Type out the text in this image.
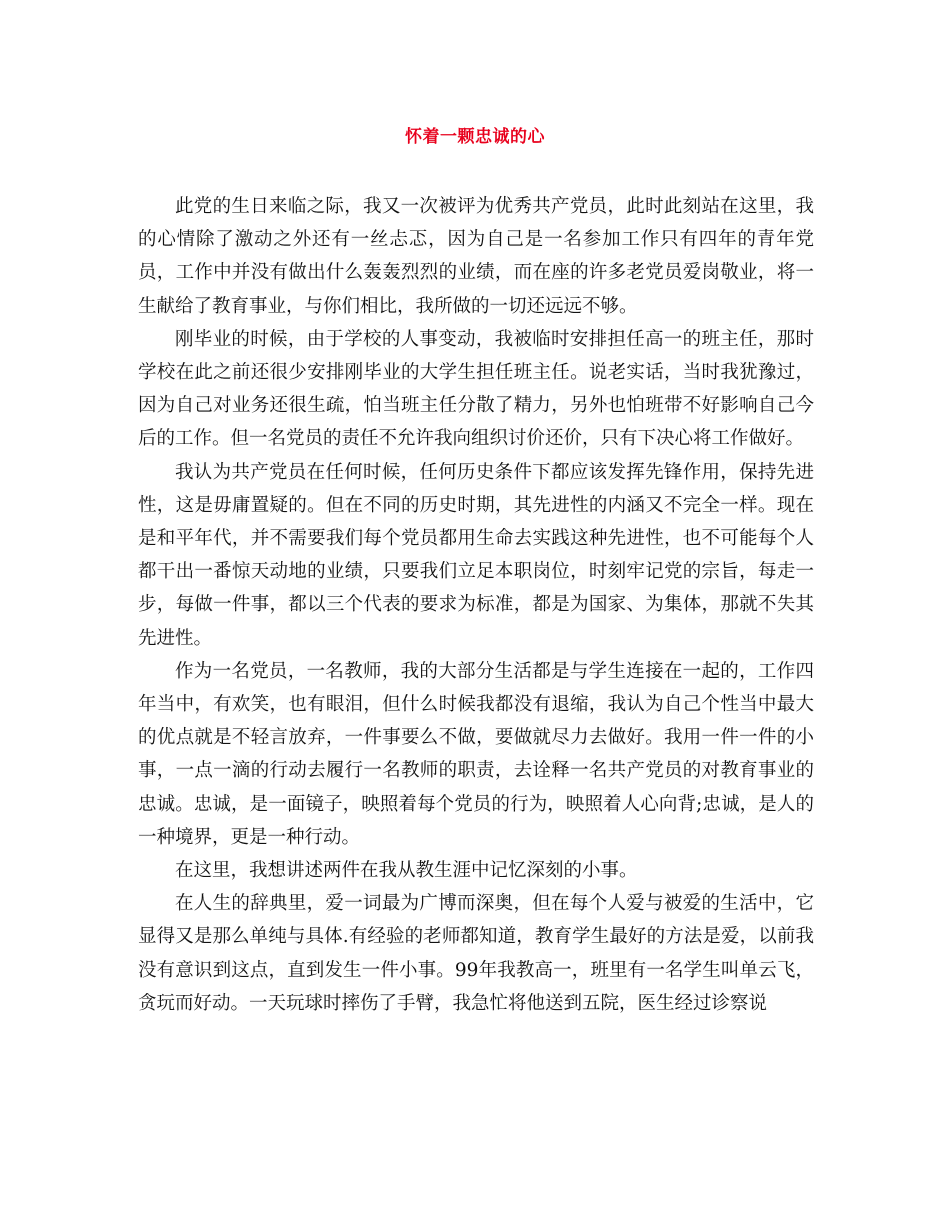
怀着一颗忠诚的心

此党的生日来临之际，我又一次被评为优秀共产党员，此时此刻站在这里，我的心情除了激动之外还有一丝忐忑，因为自己是一名参加工作只有四年的青年党员，工作中并没有做出什么轰轰烈烈的业绩，而在座的许多老党员爱岗敬业，将一生献给了教育事业，与你们相比，我所做的一切还远远不够。

刚毕业的时候，由于学校的人事变动，我被临时安排担任高一的班主任，那时学校在此之前还很少安排刚毕业的大学生担任班主任。说老实话，当时我犹豫过，因为自己对业务还很生疏，怕当班主任分散了精力，另外也怕班带不好影响自己今后的工作。但一名党员的责任不允许我向组织讨价还价，只有下决心将工作做好。

我认为共产党员在任何时候，任何历史条件下都应该发挥先锋作用，保持先进性，这是毋庸置疑的。但在不同的历史时期，其先进性的内涵又不完全一样。现在是和平年代，并不需要我们每个党员都用生命去实践这种先进性，也不可能每个人都干出一番惊天动地的业绩，只要我们立足本职岗位，时刻牢记党的宗旨，每走一步，每做一件事，都以三个代表的要求为标准，都是为国家、为集体，那就不失其先进性。

作为一名党员，一名教师，我的大部分生活都是与学生连接在一起的，工作四年当中，有欢笑，也有眼泪，但什么时候我都没有退缩，我认为自己个性当中最大的优点就是不轻言放弃，一件事要么不做，要做就尽力去做好。我用一件一件的小事，一点一滴的行动去履行一名教师的职责，去诠释一名共产党员的对教育事业的忠诚。忠诚，是一面镜子，映照着每个党员的行为，映照着人心向背;忠诚，是人的一种境界，更是一种行动。

在这里，我想讲述两件在我从教生涯中记忆深刻的小事。

在人生的辞典里，爱一词最为广博而深奥，但在每个人爱与被爱的生活中，它显得又是那么单纯与具体.有经验的老师都知道，教育学生最好的方法是爱，以前我没有意识到这点，直到发生一件小事。99年我教高一，班里有一名学生叫单云飞，贪玩而好动。一天玩球时摔伤了手臂，我急忙将他送到五院，医生经过诊察说
